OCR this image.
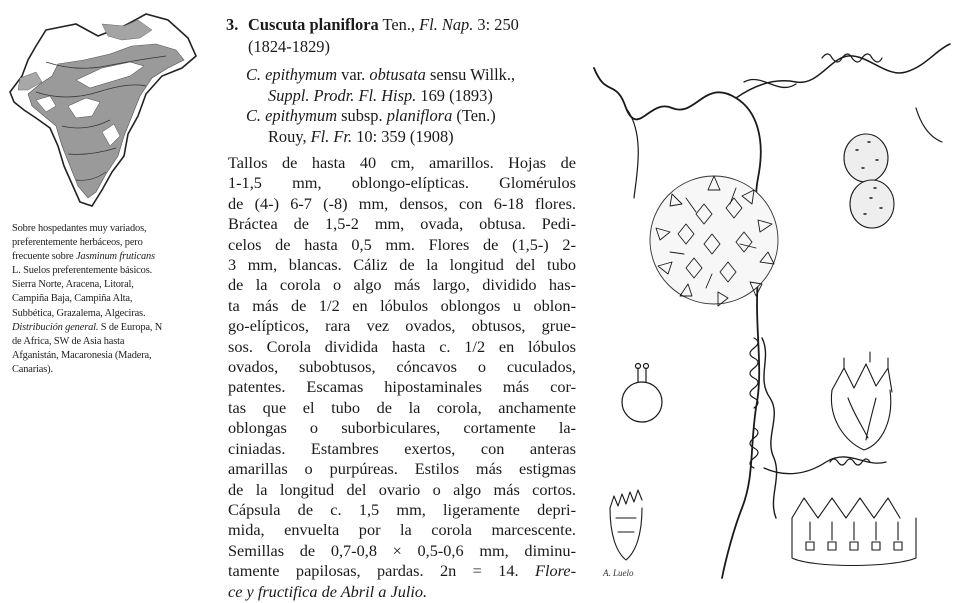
Sobre hospedantes muy variados,

preferentemente herbáceos, pero

frecuente sobre Jasminum fruticans

L. Suelos preferentemente básicos.

Sierra Norte, Aracena, Litoral,

Campiña Baja, Campiña Alta,

Subbética, Grazalema, Algeciras.

Distribución general. S de Europa, N

de Africa, SW de Asia hasta

Afganistán, Macaronesia (Madera,

Canarias).

3. Cuscuta planiflora Ten., Fl. Nap. 3: 250
(1824-1829)
C. epithymum var. obtusata sensu Willk.,
Suppl. Prodr. Fl. Hisp. 169 (1893)
C. epithymum subsp. planiflora (Ten.)
Rouy, Fl. Fr. 10: 359 (1908)
Tallos de hasta 40 cm, amarillos. Hojas de
1-1,5 mm, oblongo-elípticas. Glomérulos
de (4-) 6-7 (-8) mm, densos, con 6-18 flores.
Bráctea de 1,5-2 mm, ovada, obtusa. Pedi-
celos de hasta 0,5 mm. Flores de (1,5-) 2-
3 mm, blancas. Cáliz de la longitud del tubo
de la corola o algo más largo, dividido has-
ta más de 1/2 en lóbulos oblongos u oblon-
go-elípticos, rara vez ovados, obtusos, grue-
sos. Corola dividida hasta c. 1/2 en lóbulos
ovados, subobtusos, cóncavos o cuculados,
patentes. Escamas hipostaminales más cor-
tas que el tubo de la corola, anchamente
oblongas o suborbiculares, cortamente la-
ciniadas. Estambres exertos, con anteras
amarillas o purpúreas. Estilos más estigmas
de la longitud del ovario o algo más cortos.
Cápsula de c. 1,5 mm, ligeramente depri-
mida, envuelta por la corola marcescente.
Semillas de 0,7-0,8 × 0,5-0,6 mm, diminu-
tamente papilosas, pardas. 2n = 14. Flore-
ce y fructifica de Abril a Julio.
A. Luelo
